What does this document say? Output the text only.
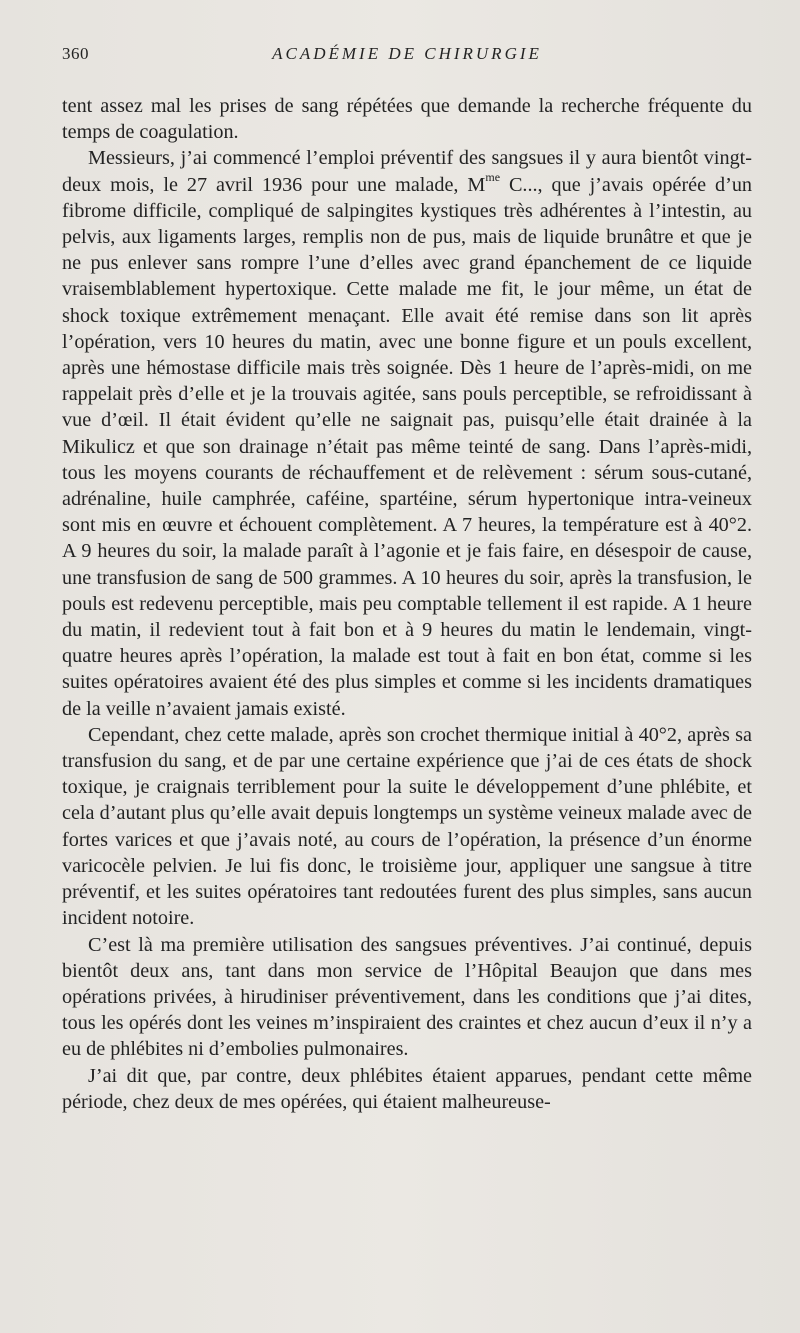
360	ACADÉMIE DE CHIRURGIE

tent assez mal les prises de sang répétées que demande la recherche fréquente du temps de coagulation.

Messieurs, j’ai commencé l’emploi préventif des sangsues il y aura bientôt vingt-deux mois, le 27 avril 1936 pour une malade, $M^{me}$ C..., que j’avais opérée d’un fibrome difficile, compliqué de salpingites kystiques très adhérentes à l’intestin, au pelvis, aux ligaments larges, remplis non de pus, mais de liquide brunâtre et que je ne pus enlever sans rompre l’une d’elles avec grand épanchement de ce liquide vraisemblablement hypertoxique. Cette malade me fit, le jour même, un état de shock toxique extrêmement menaçant. Elle avait été remise dans son lit après l’opération, vers 10 heures du matin, avec une bonne figure et un pouls excellent, après une hémostase difficile mais très soignée. Dès 1 heure de l’après-midi, on me rappelait près d’elle et je la trouvais agitée, sans pouls perceptible, se refroidissant à vue d’œil. Il était évident qu’elle ne saignait pas, puisqu’elle était drainée à la Mikulicz et que son drainage n’était pas même teinté de sang. Dans l’après-midi, tous les moyens courants de réchauffement et de relèvement : sérum sous-cutané, adrénaline, huile camphrée, caféine, spartéine, sérum hypertonique intra-veineux sont mis en œuvre et échouent complètement. A 7 heures, la température est à 40°2. A 9 heures du soir, la malade paraît à l’agonie et je fais faire, en désespoir de cause, une transfusion de sang de 500 grammes. A 10 heures du soir, après la transfusion, le pouls est redevenu perceptible, mais peu comptable tellement il est rapide. A 1 heure du matin, il redevient tout à fait bon et à 9 heures du matin le lendemain, vingt-quatre heures après l’opération, la malade est tout à fait en bon état, comme si les suites opératoires avaient été des plus simples et comme si les incidents dramatiques de la veille n’avaient jamais existé.

Cependant, chez cette malade, après son crochet thermique initial à 40°2, après sa transfusion du sang, et de par une certaine expérience que j’ai de ces états de shock toxique, je craignais terriblement pour la suite le développement d’une phlébite, et cela d’autant plus qu’elle avait depuis longtemps un système veineux malade avec de fortes varices et que j’avais noté, au cours de l’opération, la présence d’un énorme varicocèle pelvien. Je lui fis donc, le troisième jour, appliquer une sangsue à titre préventif, et les suites opératoires tant redoutées furent des plus simples, sans aucun incident notoire.

C’est là ma première utilisation des sangsues préventives. J’ai continué, depuis bientôt deux ans, tant dans mon service de l’Hôpital Beaujon que dans mes opérations privées, à hirudiniser préventivement, dans les conditions que j’ai dites, tous les opérés dont les veines m’inspiraient des craintes et chez aucun d’eux il n’y a eu de phlébites ni d’embolies pulmonaires.

J’ai dit que, par contre, deux phlébites étaient apparues, pendant cette même période, chez deux de mes opérées, qui étaient malheureuse-
